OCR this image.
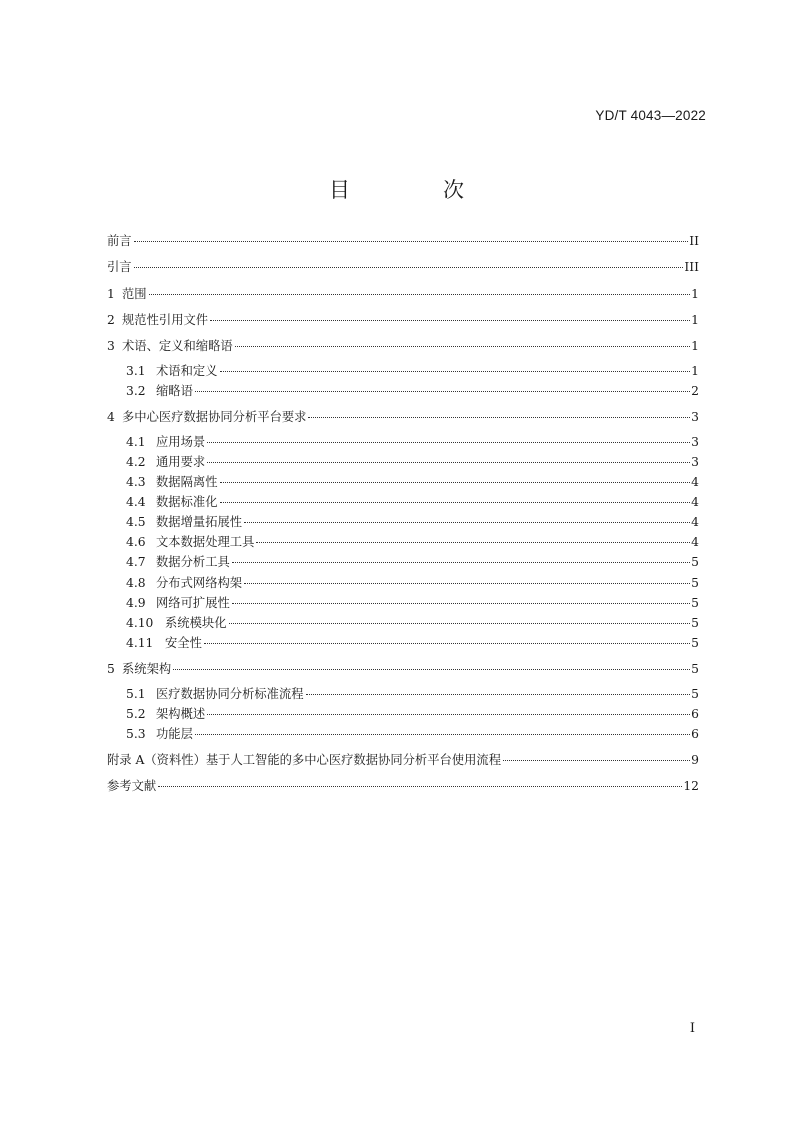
YD/T 4043—2022
目　次
前言	II
引言	III
1 范围	1
2 规范性引用文件	1
3 术语、定义和缩略语	1
3.1 术语和定义	1
3.2 缩略语	2
4 多中心医疗数据协同分析平台要求	3
4.1 应用场景	3
4.2 通用要求	3
4.3 数据隔离性	4
4.4 数据标准化	4
4.5 数据增量拓展性	4
4.6 文本数据处理工具	4
4.7 数据分析工具	5
4.8 分布式网络构架	5
4.9 网络可扩展性	5
4.10 系统模块化	5
4.11 安全性	5
5 系统架构	5
5.1 医疗数据协同分析标准流程	5
5.2 架构概述	6
5.3 功能层	6
附录 A（资料性）基于人工智能的多中心医疗数据协同分析平台使用流程	9
参考文献	12
I
